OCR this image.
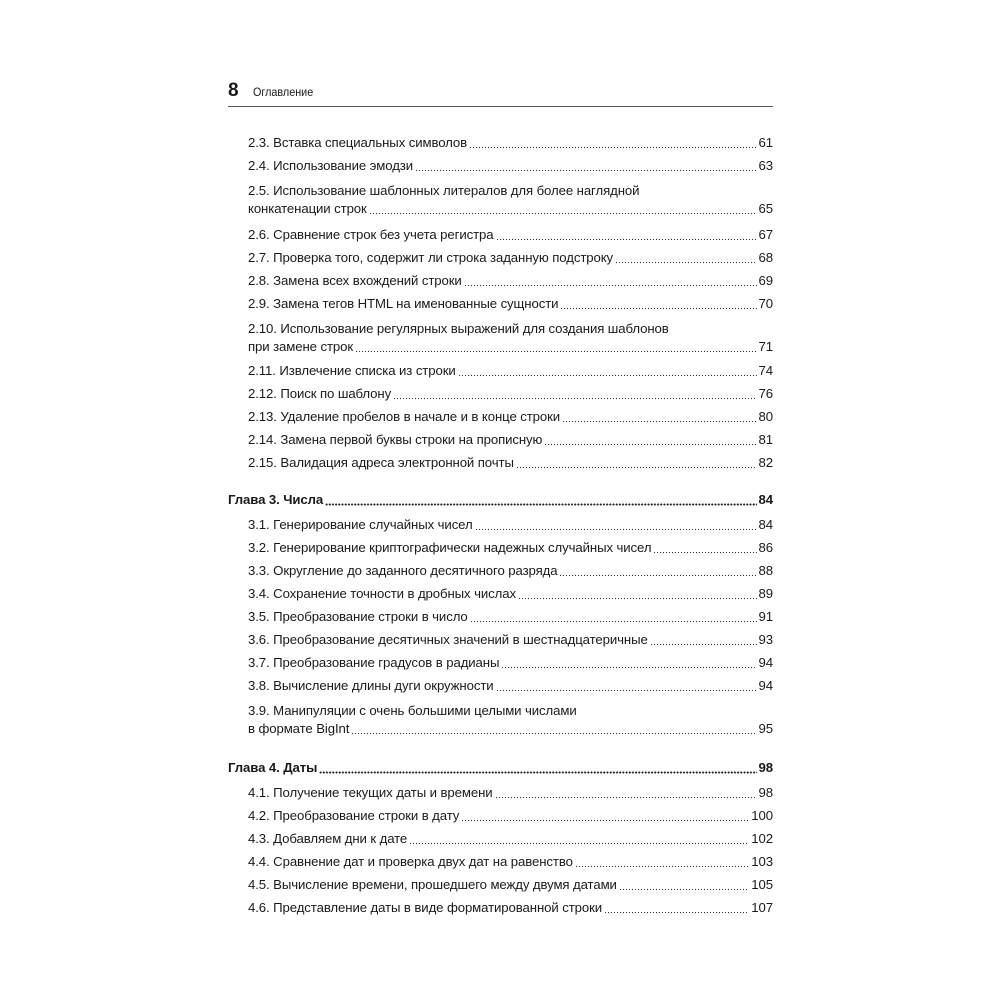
8 Оглавление
2.3. Вставка специальных символов	61
2.4. Использование эмодзи	63
2.5. Использование шаблонных литералов для более наглядной
конкатенации строк	65
2.6. Сравнение строк без учета регистра	67
2.7. Проверка того, содержит ли строка заданную подстроку	68
2.8. Замена всех вхождений строки	69
2.9. Замена тегов HTML на именованные сущности	70
2.10. Использование регулярных выражений для создания шаблонов
при замене строк	71
2.11. Извлечение списка из строки	74
2.12. Поиск по шаблону	76
2.13. Удаление пробелов в начале и в конце строки	80
2.14. Замена первой буквы строки на прописную	81
2.15. Валидация адреса электронной почты	82
Глава 3. Числа	84
3.1. Генерирование случайных чисел	84
3.2. Генерирование криптографически надежных случайных чисел	86
3.3. Округление до заданного десятичного разряда	88
3.4. Сохранение точности в дробных числах	89
3.5. Преобразование строки в число	91
3.6. Преобразование десятичных значений в шестнадцатеричные	93
3.7. Преобразование градусов в радианы	94
3.8. Вычисление длины дуги окружности	94
3.9. Манипуляции с очень большими целыми числами
в формате BigInt	95
Глава 4. Даты	98
4.1. Получение текущих даты и времени	98
4.2. Преобразование строки в дату	100
4.3. Добавляем дни к дате	102
4.4. Сравнение дат и проверка двух дат на равенство	103
4.5. Вычисление времени, прошедшего между двумя датами	105
4.6. Представление даты в виде форматированной строки	107
